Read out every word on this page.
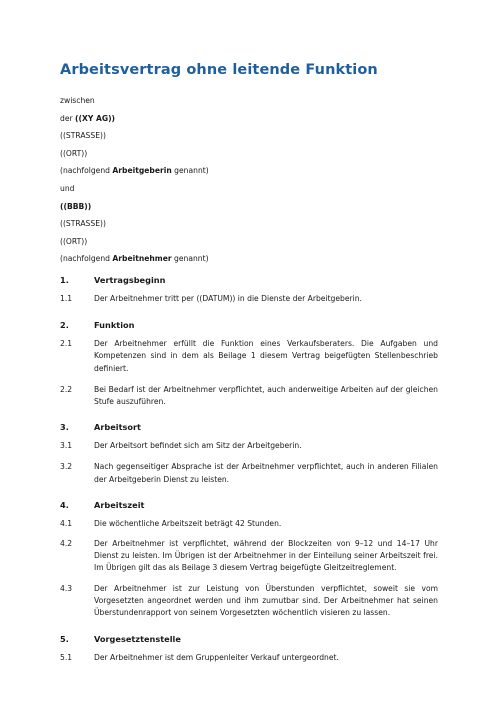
Arbeitsvertrag ohne leitende Funktion
zwischen
der ((XY AG))
((STRASSE))
((ORT))
(nachfolgend Arbeitgeberin genannt)
und
((BBB))
((STRASSE))
((ORT))
(nachfolgend Arbeitnehmer genannt)
1.	Vertragsbeginn
1.1	Der Arbeitnehmer tritt per ((DATUM)) in die Dienste der Arbeitgeberin.
2.	Funktion
2.1	Der Arbeitnehmer erfüllt die Funktion eines Verkaufsberaters. Die Aufgaben und Kompetenzen sind in dem als Beilage 1 diesem Vertrag beigefügten Stellenbeschrieb definiert.
2.2	Bei Bedarf ist der Arbeitnehmer verpflichtet, auch anderweitige Arbeiten auf der gleichen Stufe auszuführen.
3.	Arbeitsort
3.1	Der Arbeitsort befindet sich am Sitz der Arbeitgeberin.
3.2	Nach gegenseitiger Absprache ist der Arbeitnehmer verpflichtet, auch in anderen Filialen der Arbeitgeberin Dienst zu leisten.
4.	Arbeitszeit
4.1	Die wöchentliche Arbeitszeit beträgt 42 Stunden.
4.2	Der Arbeitnehmer ist verpflichtet, während der Blockzeiten von 9–12 und 14–17 Uhr Dienst zu leisten. Im Übrigen ist der Arbeitnehmer in der Einteilung seiner Arbeitszeit frei. Im Übrigen gilt das als Beilage 3 diesem Vertrag beigefügte Gleitzeitreglement.
4.3	Der Arbeitnehmer ist zur Leistung von Überstunden verpflichtet, soweit sie vom Vorgesetzten angeordnet werden und ihm zumutbar sind. Der Arbeitnehmer hat seinen Überstundenrapport von seinem Vorgesetzten wöchentlich visieren zu lassen.
5.	Vorgesetztenstelle
5.1	Der Arbeitnehmer ist dem Gruppenleiter Verkauf untergeordnet.
